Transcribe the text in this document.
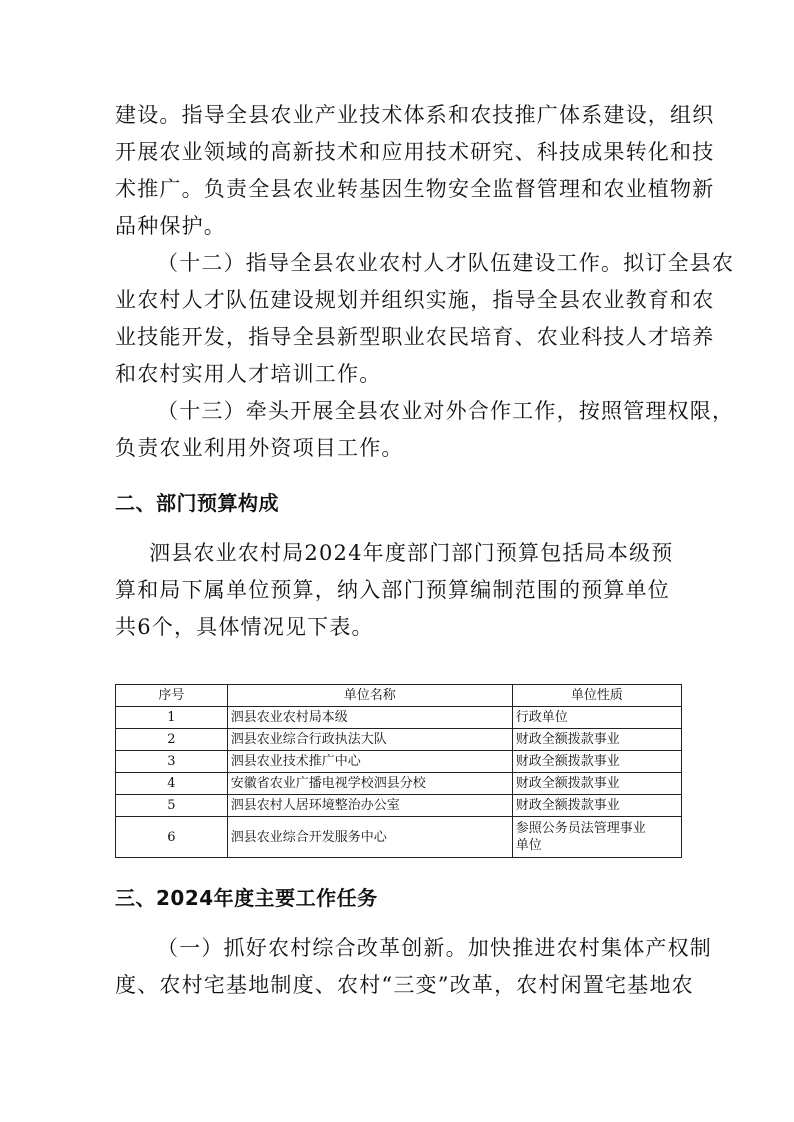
建设。指导全县农业产业技术体系和农技推广体系建设，组织
开展农业领域的高新技术和应用技术研究、科技成果转化和技
术推广。负责全县农业转基因生物安全监督管理和农业植物新
品种保护。

（十二）指导全县农业农村人才队伍建设工作。拟订全县农
业农村人才队伍建设规划并组织实施，指导全县农业教育和农
业技能开发，指导全县新型职业农民培育、农业科技人才培养
和农村实用人才培训工作。

（十三）牵头开展全县农业对外合作工作，按照管理权限，
负责农业利用外资项目工作。

二、部门预算构成

泗县农业农村局2024年度部门部门预算包括局本级预
算和局下属单位预算，纳入部门预算编制范围的预算单位
共6个，具体情况见下表。

序号	单位名称	单位性质
1	泗县农业农村局本级	行政单位
2	泗县农业综合行政执法大队	财政全额拨款事业
3	泗县农业技术推广中心	财政全额拨款事业
4	安徽省农业广播电视学校泗县分校	财政全额拨款事业
5	泗县农村人居环境整治办公室	财政全额拨款事业
6	泗县农业综合开发服务中心	参照公务员法管理事业
单位
三、2024年度主要工作任务

（一）抓好农村综合改革创新。加快推进农村集体产权制
度、农村宅基地制度、农村“三变”改革，农村闲置宅基地农
